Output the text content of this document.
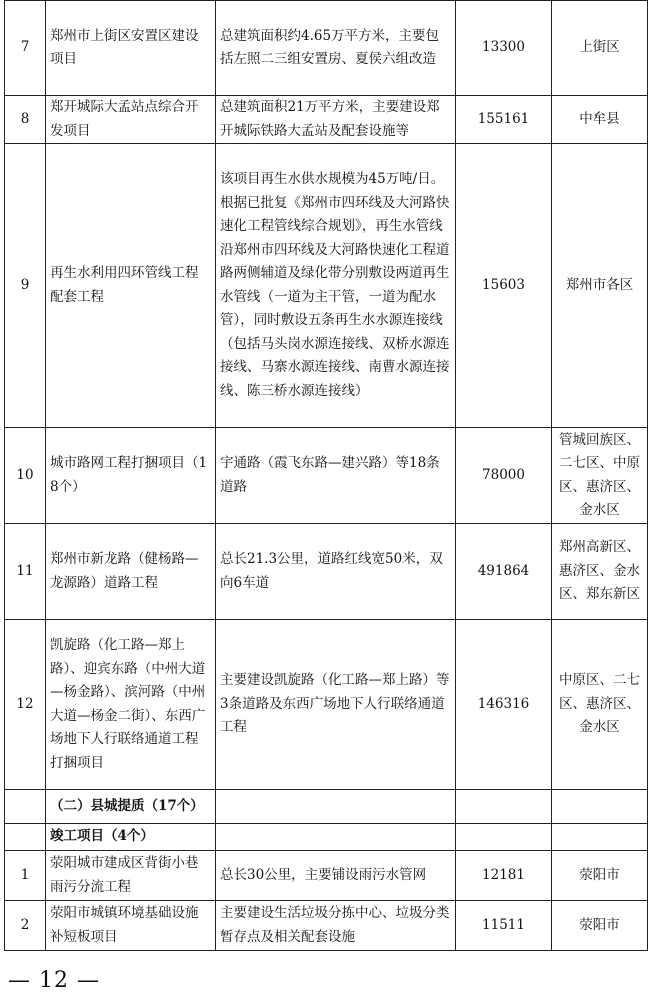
7	郑州市上街区安置区建设项目	总建筑面积约4.65万平方米，主要包括左照二三组安置房、夏侯六组改造	13300	上街区
8	郑开城际大孟站点综合开发项目	总建筑面积21万平方米，主要建设郑开城际铁路大孟站及配套设施等	155161	中牟县
9	再生水利用四环管线工程配套工程	该项目再生水供水规模为45万吨/日。根据已批复《郑州市四环线及大河路快速化工程管线综合规划》，再生水管线沿郑州市四环线及大河路快速化工程道路两侧辅道及绿化带分别敷设两道再生水管线（一道为主干管，一道为配水管），同时敷设五条再生水水源连接线（包括马头岗水源连接线、双桥水源连接线、马寨水源连接线、南曹水源连接线、陈三桥水源连接线）	15603	郑州市各区
10	城市路网工程打捆项目（18个）	宇通路（霞飞东路—建兴路）等18条道路	78000	管城回族区、二七区、中原区、惠济区、金水区
11	郑州市新龙路（健杨路—龙源路）道路工程	总长21.3公里，道路红线宽50米，双向6车道	491864	郑州高新区、惠济区、金水区、郑东新区
12	凯旋路（化工路—郑上路）、迎宾东路（中州大道—杨金路）、滨河路（中州大道—杨金二街）、东西广场地下人行联络通道工程打捆项目	主要建设凯旋路（化工路—郑上路）等3条道路及东西广场地下人行联络通道工程	146316	中原区、二七区、惠济区、金水区
	（二）县城提质（17个）			
	竣工项目（4个）			
1	荥阳城市建成区背街小巷雨污分流工程	总长30公里，主要铺设雨污水管网	12181	荥阳市
2	荥阳市城镇环境基础设施补短板项目	主要建设生活垃圾分拣中心、垃圾分类暂存点及相关配套设施	11511	荥阳市
— 12 —
